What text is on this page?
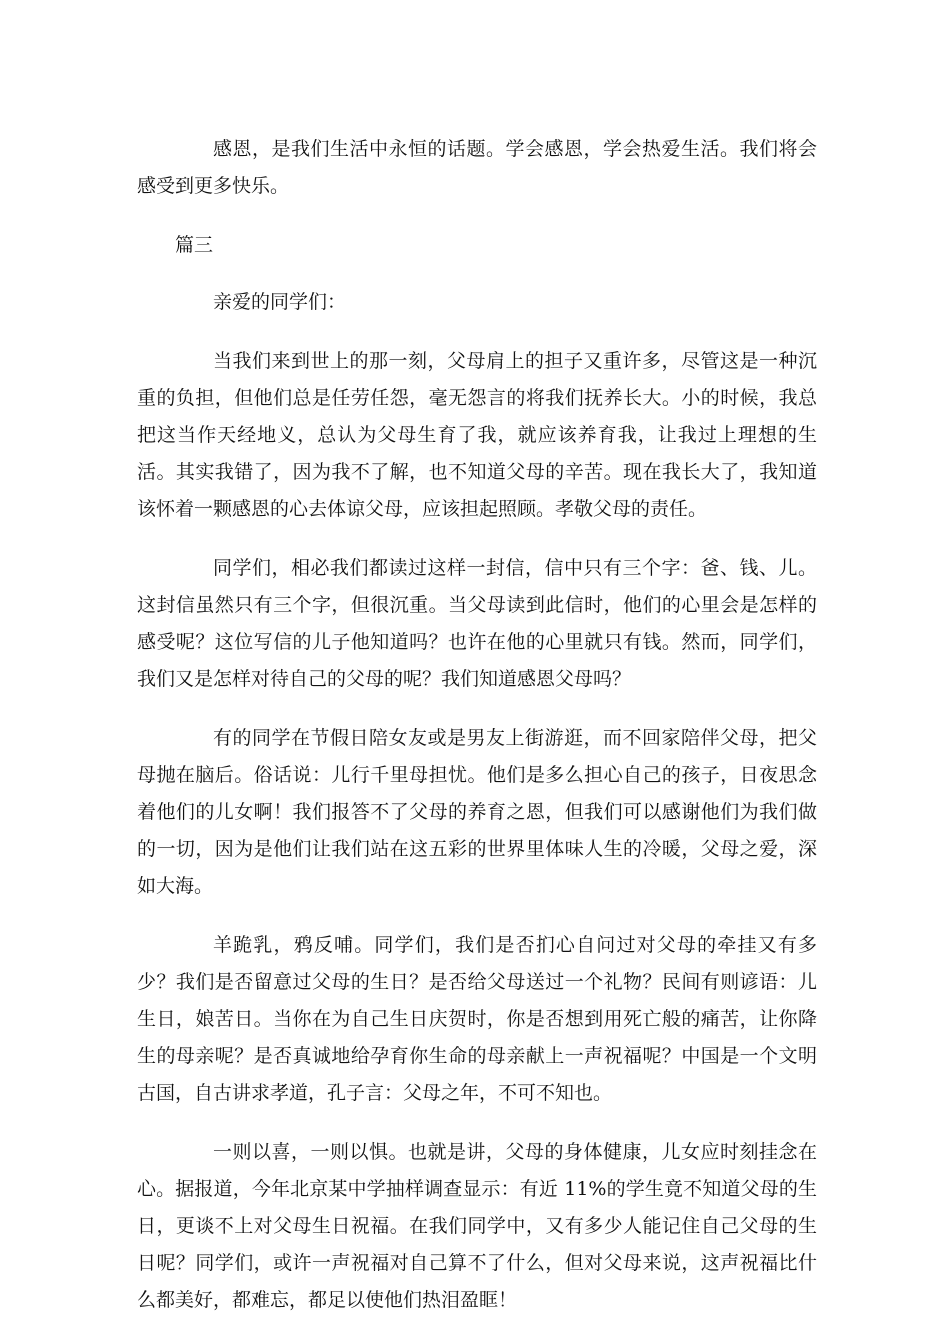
感恩，是我们生活中永恒的话题。学会感恩，学会热爱生活。我们将会感受到更多快乐。

篇三

亲爱的同学们：

当我们来到世上的那一刻，父母肩上的担子又重许多，尽管这是一种沉重的负担，但他们总是任劳任怨，毫无怨言的将我们抚养长大。小的时候，我总把这当作天经地义，总认为父母生育了我，就应该养育我，让我过上理想的生活。其实我错了，因为我不了解，也不知道父母的辛苦。现在我长大了，我知道该怀着一颗感恩的心去体谅父母，应该担起照顾。孝敬父母的责任。

同学们，相必我们都读过这样一封信，信中只有三个字：爸、钱、儿。这封信虽然只有三个字，但很沉重。当父母读到此信时，他们的心里会是怎样的感受呢？这位写信的儿子他知道吗？也许在他的心里就只有钱。然而，同学们，我们又是怎样对待自己的父母的呢？我们知道感恩父母吗？

有的同学在节假日陪女友或是男友上街游逛，而不回家陪伴父母，把父母抛在脑后。俗话说：儿行千里母担忧。他们是多么担心自己的孩子，日夜思念着他们的儿女啊！我们报答不了父母的养育之恩，但我们可以感谢他们为我们做的一切，因为是他们让我们站在这五彩的世界里体味人生的冷暖，父母之爱，深如大海。

羊跪乳，鸦反哺。同学们，我们是否扪心自问过对父母的牵挂又有多少？我们是否留意过父母的生日？是否给父母送过一个礼物？民间有则谚语：儿生日，娘苦日。当你在为自己生日庆贺时，你是否想到用死亡般的痛苦，让你降生的母亲呢？是否真诚地给孕育你生命的母亲献上一声祝福呢？中国是一个文明古国，自古讲求孝道，孔子言：父母之年，不可不知也。

一则以喜，一则以惧。也就是讲，父母的身体健康，儿女应时刻挂念在心。据报道，今年北京某中学抽样调查显示：有近 11%的学生竟不知道父母的生日，更谈不上对父母生日祝福。在我们同学中，又有多少人能记住自己父母的生日呢？同学们，或许一声祝福对自己算不了什么，但对父母来说，这声祝福比什么都美好，都难忘，都足以使他们热泪盈眶！
